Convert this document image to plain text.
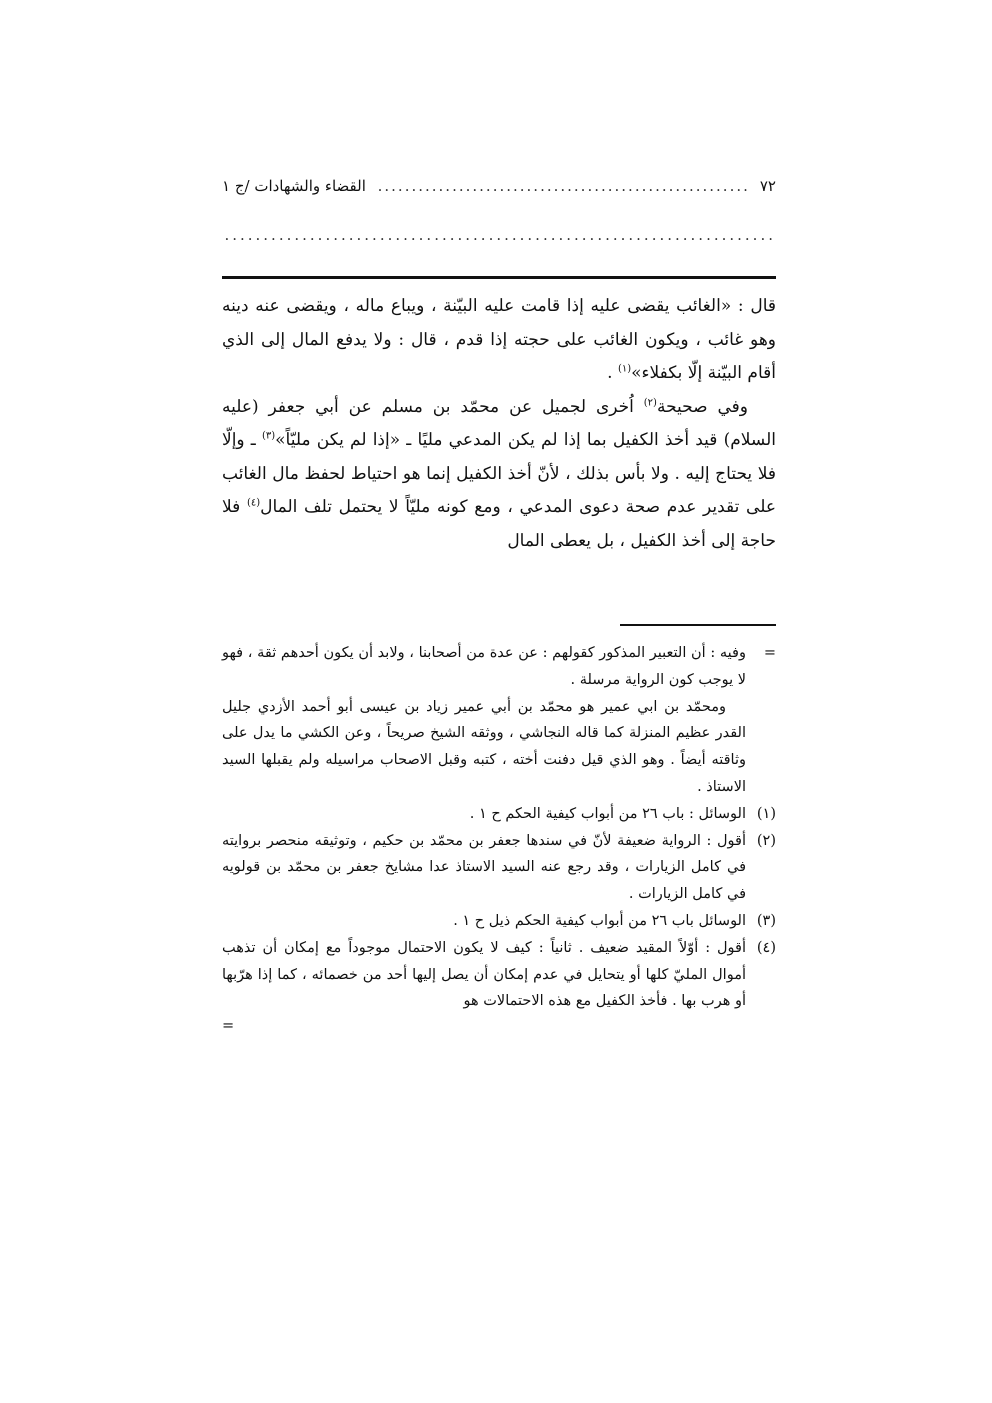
٧٢
.....
القضاء والشهادات /ج ١
.....

قال : «الغائب يقضى عليه إذا قامت عليه البيّنة ، ويباع ماله ، ويقضى عنه دينه وهو غائب ، ويكون الغائب على حجته إذا قدم ، قال : ولا يدفع المال إلى الذي أقام البيّنة إلّا بكفلاء»$^{(١)}$ .

وفي صحيحة$^{(٢)}$ اُخرى لجميل عن محمّد بن مسلم عن أبي جعفر (عليه السلام) قيد أخذ الكفيل بما إذا لم يكن المدعي مليًا ـ «إذا لم يكن مليّاً»$^{(٣)}$ ـ وإلّا فلا يحتاج إليه . ولا بأس بذلك ، لأنّ أخذ الكفيل إنما هو احتياط لحفظ مال الغائب على تقدير عدم صحة دعوى المدعي ، ومع كونه مليّاً لا يحتمل تلف المال$^{(٤)}$ فلا حاجة إلى أخذ الكفيل ، بل يعطى المال

=
وفيه : أن التعبير المذكور كقولهم : عن عدة من أصحابنا ، ولابد أن يكون أحدهم ثقة ، فهو لا يوجب كون الرواية مرسلة .
ومحمّد بن ابي عمير هو محمّد بن أبي عمير زياد بن عيسى أبو أحمد الأزدي جليل القدر عظيم المنزلة كما قاله النجاشي ، ووثقه الشيخ صريحاً ، وعن الكشي ما يدل على وثاقته أيضاً . وهو الذي قيل دفنت أخته ، كتبه وقبل الاصحاب مراسيله ولم يقبلها السيد الاستاذ .
(١)
الوسائل : باب ٢٦ من أبواب كيفية الحكم ح ١ .
(٢)
أقول : الرواية ضعيفة لأنّ في سندها جعفر بن محمّد بن حكيم ، وتوثيقه منحصر بروايته في كامل الزيارات ، وقد رجع عنه السيد الاستاذ عدا مشايخ جعفر بن محمّد بن قولويه في كامل الزيارات .
(٣)
الوسائل باب ٢٦ من أبواب كيفية الحكم ذيل ح ١ .
(٤)
أقول : أوّلاً المقيد ضعيف . ثانياً : كيف لا يكون الاحتمال موجوداً مع إمكان أن تذهب أموال المليّ كلها أو يتحايل في عدم إمكان أن يصل إليها أحد من خصمائه ، كما إذا هرّبها أو هرب بها . فأخذ الكفيل مع هذه الاحتمالات هو
=
